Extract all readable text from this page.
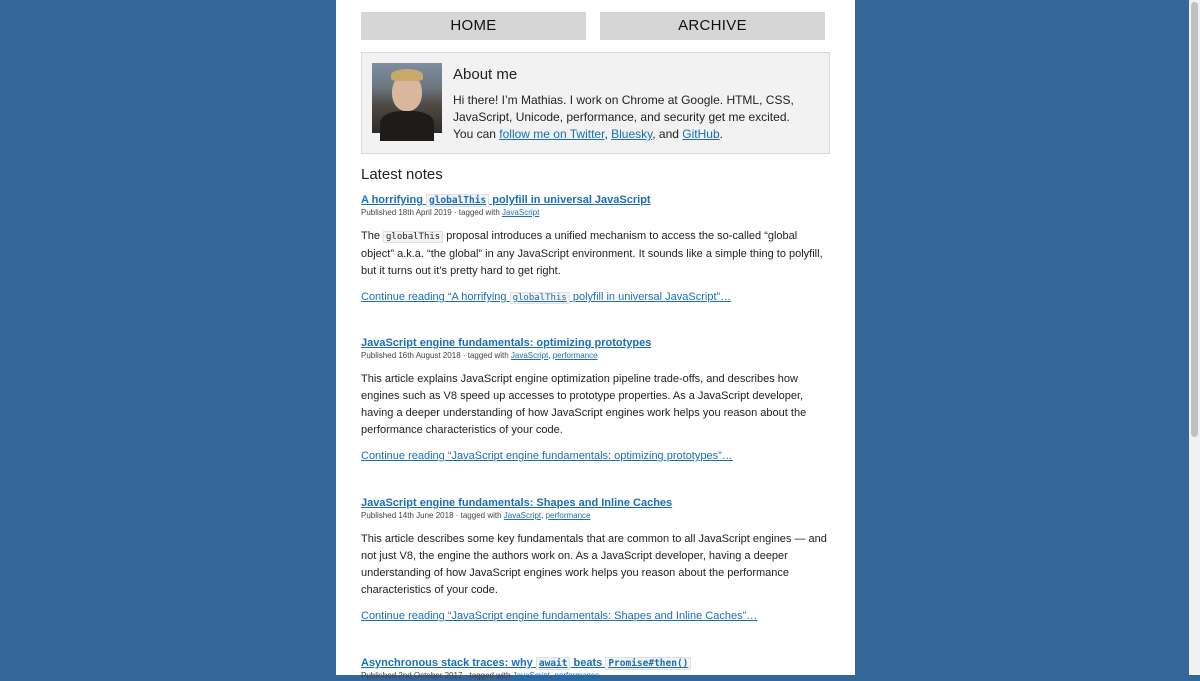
HOME	ARCHIVE
About me

Hi there! I’m Mathias. I work on Chrome at Google. HTML, CSS, JavaScript, Unicode, performance, and security get me excited. You can follow me on Twitter, Bluesky, and GitHub.

Latest notes
A horrifying globalThis polyfill in universal JavaScript
Published 18th April 2019 · tagged with JavaScript

The globalThis proposal introduces a unified mechanism to access the so-called “global object” a.k.a. “the global” in any JavaScript environment. It sounds like a simple thing to polyfill, but it turns out it’s pretty hard to get right.

Continue reading “A horrifying globalThis polyfill in universal JavaScript”…
JavaScript engine fundamentals: optimizing prototypes
Published 16th August 2018 · tagged with JavaScript, performance

This article explains JavaScript engine optimization pipeline trade-offs, and describes how engines such as V8 speed up accesses to prototype properties. As a JavaScript developer, having a deeper understanding of how JavaScript engines work helps you reason about the performance characteristics of your code.

Continue reading “JavaScript engine fundamentals: optimizing prototypes”…
JavaScript engine fundamentals: Shapes and Inline Caches
Published 14th June 2018 · tagged with JavaScript, performance

This article describes some key fundamentals that are common to all JavaScript engines — and not just V8, the engine the authors work on. As a JavaScript developer, having a deeper understanding of how JavaScript engines work helps you reason about the performance characteristics of your code.

Continue reading “JavaScript engine fundamentals: Shapes and Inline Caches”…
Asynchronous stack traces: why await beats Promise#then()
Published 2nd October 2017 · tagged with JavaScript, performance
